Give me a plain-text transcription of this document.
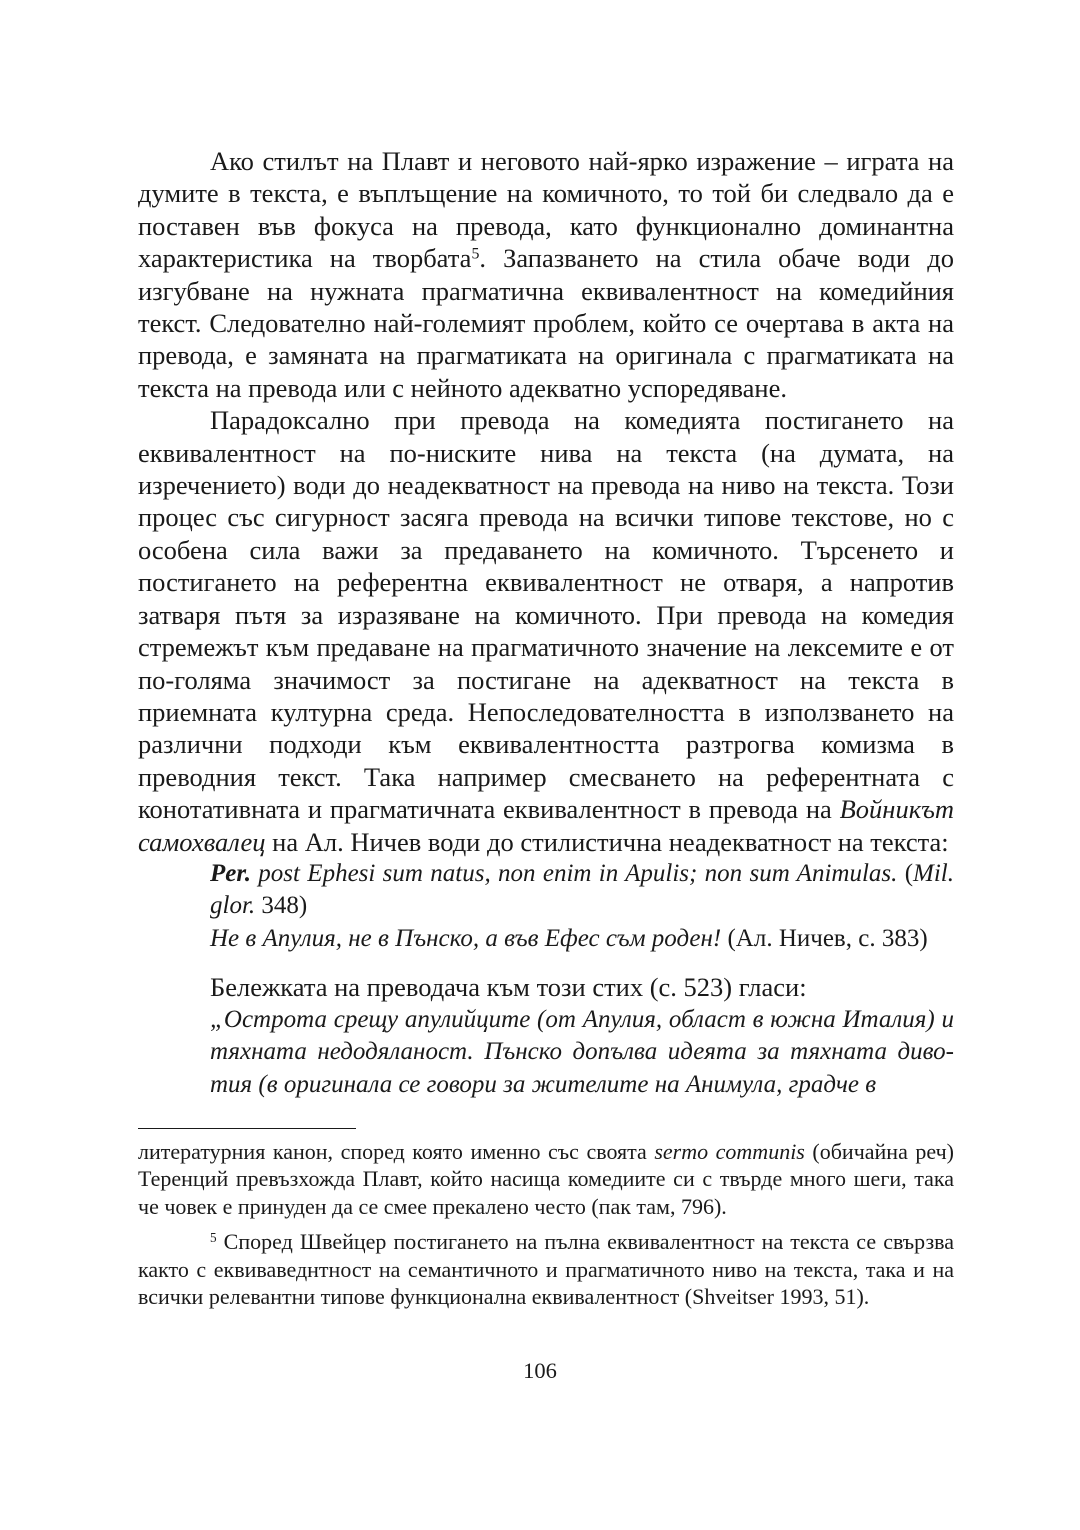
Ако стилът на Плавт и неговото най-ярко изражение – играта на думите в текста, е въплъщение на комичното, то той би следвало да е поставен във фокуса на превода, като функционално доминантна характеристика на творбата$^5$. Запазването на стила обаче води до изгубване на нужната прагматична еквивалентност на комедийния текст. Следователно най-големият проблем, който се очертава в акта на превода, е замяната на прагматиката на оригинала с прагматиката на текста на превода или с нейното адекватно успоредяване.

Парадоксално при превода на комедията постигането на еквивалентност на по-ниските нива на текста (на думата, на изречението) води до неадекватност на превода на ниво на текста. Този процес със сигурност засяга превода на всички типове текстове, но с особена сила важи за предаването на комичното. Търсенето и постигането на референтна еквивалентност не отваря, а напротив затваря пътя за изразяване на комичното. При превода на комедия стремежът към предаване на прагматичното значение на лексемите е от по-голяма значимост за постигане на адекватност на текста в приемната културна среда. Непоследователността в използването на различни подходи към еквивалентността разтрогва комизма в преводния текст. Така например смесването на референтната с конотативната и прагматичната еквивалентност в превода на Войникът самохвалец на Ал. Ничев води до стилистична неадекватност на текста:

Per. post Ephesi sum natus, non enim in Apulis; non sum Animulas. (Mil. glor. 348)
Не в Апулия, не в Пънско, а във Ефес съм роден! (Ал. Ничев, с. 383)
Бележката на преводача към този стих (с. 523) гласи:
„Острота срещу апулийците (от Апулия, област в южна Италия) и тяхната недодяланост. Пънско допълва идеята за тяхната дивотия (в оригинала се говори за жителите на Анимула, градче в

литературния канон, според която именно със своята sermo communis (обичайна реч) Теренций превъзхожда Плавт, който насища комедиите си с твърде много шеги, така че човек е принуден да се смее прекалено често (пак там, 796).

$^5$ Според Швейцер постигането на пълна еквивалентност на текста се свързва както с еквиваведнтност на семантичното и прагматичното ниво на текста, така и на всички релевантни типове функционална еквивалентност (Shveitser 1993, 51).

106
